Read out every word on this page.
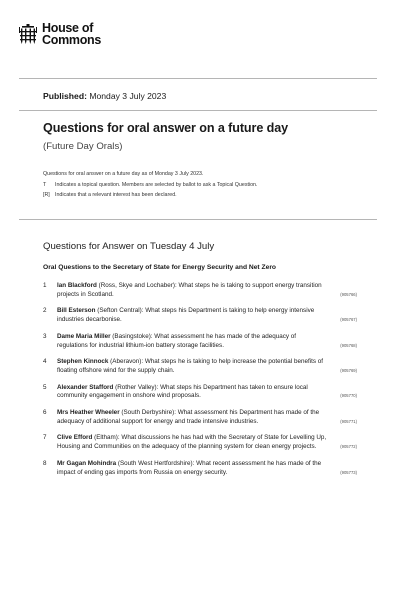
House of
Commons
Published: Monday 3 July 2023
Questions for oral answer on a future day
(Future Day Orals)
Questions for oral answer on a future day as of Monday 3 July 2023.
T	Indicates a topical question. Members are selected by ballot to ask a Topical Question.
[R] Indicates that a relevant interest has been declared.
Questions for Answer on Tuesday 4 July
Oral Questions to the Secretary of State for Energy Security and Net Zero
1	Ian Blackford (Ross, Skye and Lochaber): What steps he is taking to support energy transition projects in Scotland.	(905766)
2	Bill Esterson (Sefton Central): What steps his Department is taking to help energy intensive industries decarbonise.	(905767)
3	Dame Maria Miller (Basingstoke): What assessment he has made of the adequacy of regulations for industrial lithium-ion battery storage facilities.	(905768)
4	Stephen Kinnock (Aberavon): What steps he is taking to help increase the potential benefits of floating offshore wind for the supply chain.	(905769)
5	Alexander Stafford (Rother Valley): What steps his Department has taken to ensure local community engagement in onshore wind proposals.	(905770)
6	Mrs Heather Wheeler (South Derbyshire): What assessment his Department has made of the adequacy of additional support for energy and trade intensive industries.	(905771)
7	Clive Efford (Eltham): What discussions he has had with the Secretary of State for Levelling Up, Housing and Communities on the adequacy of the planning system for clean energy projects.	(905772)
8	Mr Gagan Mohindra (South West Hertfordshire): What recent assessment he has made of the impact of ending gas imports from Russia on energy security.	(905773)
